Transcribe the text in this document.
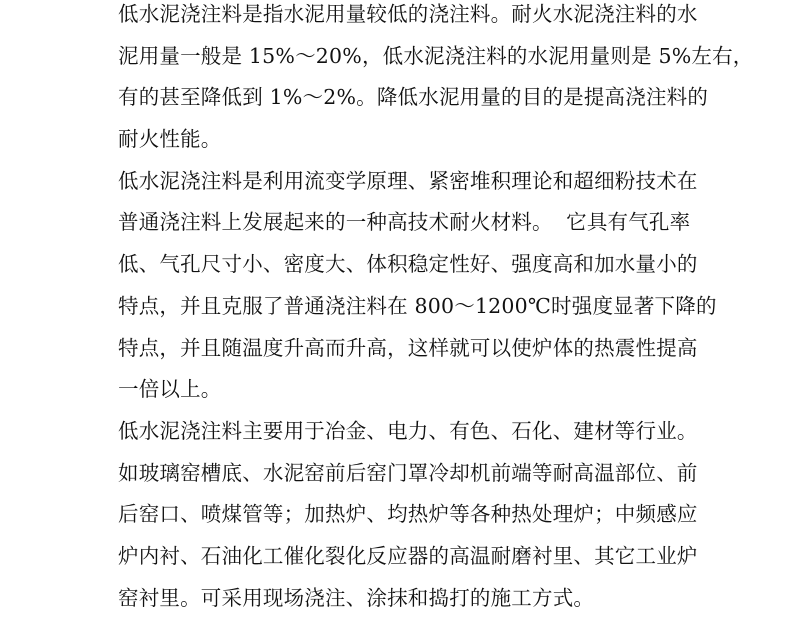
低水泥浇注料是指水泥用量较低的浇注料。耐火水泥浇注料的水
泥用量一般是 15%～20%，低水泥浇注料的水泥用量则是 5%左右，
有的甚至降低到 1%～2%。降低水泥用量的目的是提高浇注料的
耐火性能。
低水泥浇注料是利用流变学原理、紧密堆积理论和超细粉技术在
普通浇注料上发展起来的一种高技术耐火材料。  它具有气孔率
低、气孔尺寸小、密度大、体积稳定性好、强度高和加水量小的
特点，并且克服了普通浇注料在 800～1200℃时强度显著下降的
特点，并且随温度升高而升高，这样就可以使炉体的热震性提高
一倍以上。
低水泥浇注料主要用于冶金、电力、有色、石化、建材等行业。
如玻璃窑槽底、水泥窑前后窑门罩冷却机前端等耐高温部位、前
后窑口、喷煤管等；加热炉、均热炉等各种热处理炉；中频感应
炉内衬、石油化工催化裂化反应器的高温耐磨衬里、其它工业炉
窑衬里。可采用现场浇注、涂抹和捣打的施工方式。
